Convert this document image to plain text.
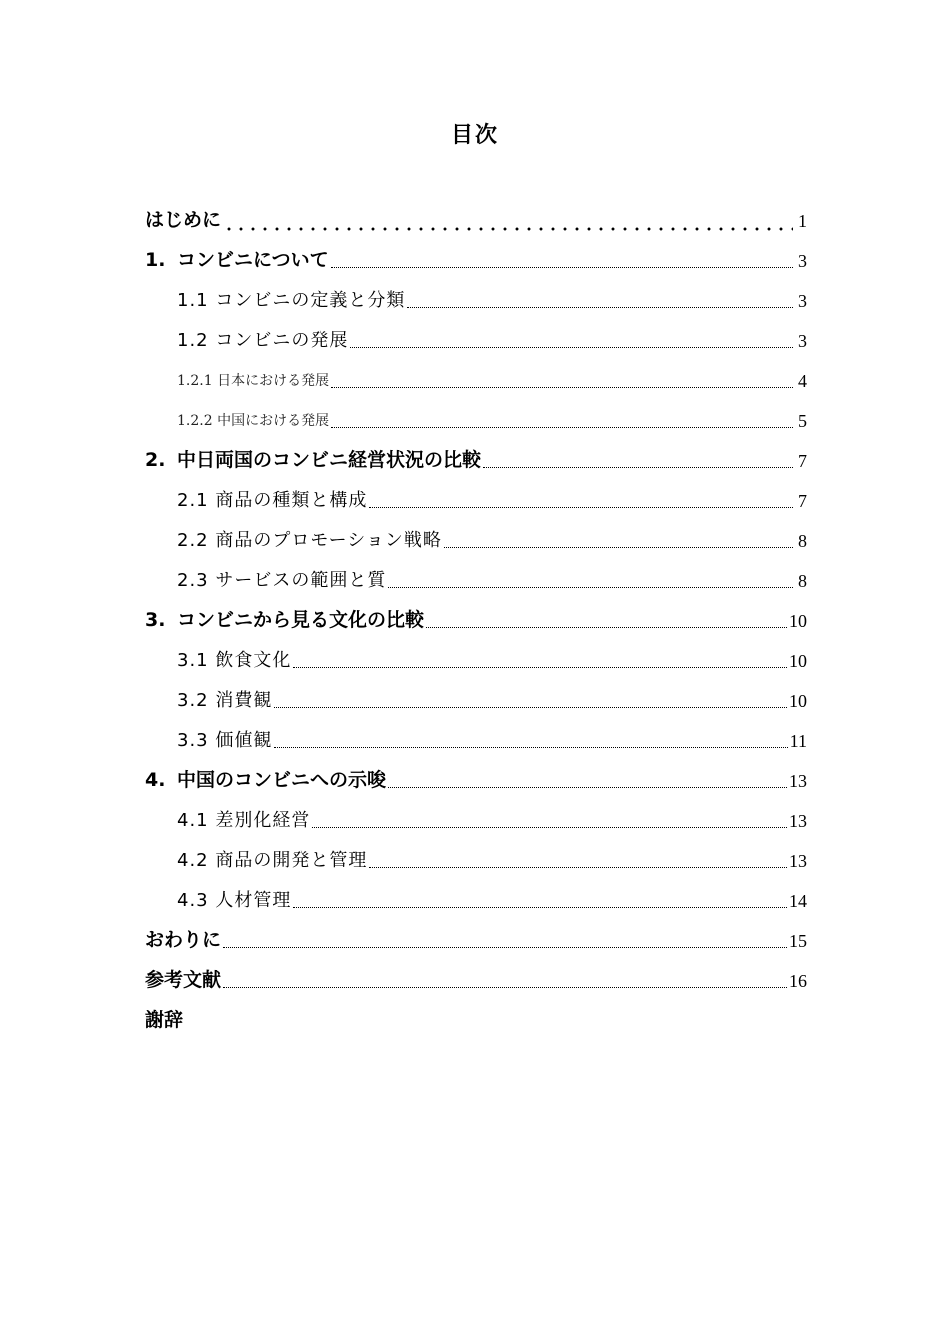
目次
はじめに	1
1. コンビニについて	3
1.1 コンビニの定義と分類	3
1.2 コンビニの発展	3
1.2.1 日本における発展	4
1.2.2 中国における発展	5
2. 中日両国のコンビニ経営状況の比較	7
2.1 商品の種類と構成	7
2.2 商品のプロモーション戦略	8
2.3 サービスの範囲と質	8
3. コンビニから見る文化の比較	10
3.1 飲食文化	10
3.2 消費観	10
3.3 価値観	11
4. 中国のコンビニへの示唆	13
4.1 差別化経営	13
4.2 商品の開発と管理	13
4.3 人材管理	14
おわりに	15
参考文献	16
謝辞
